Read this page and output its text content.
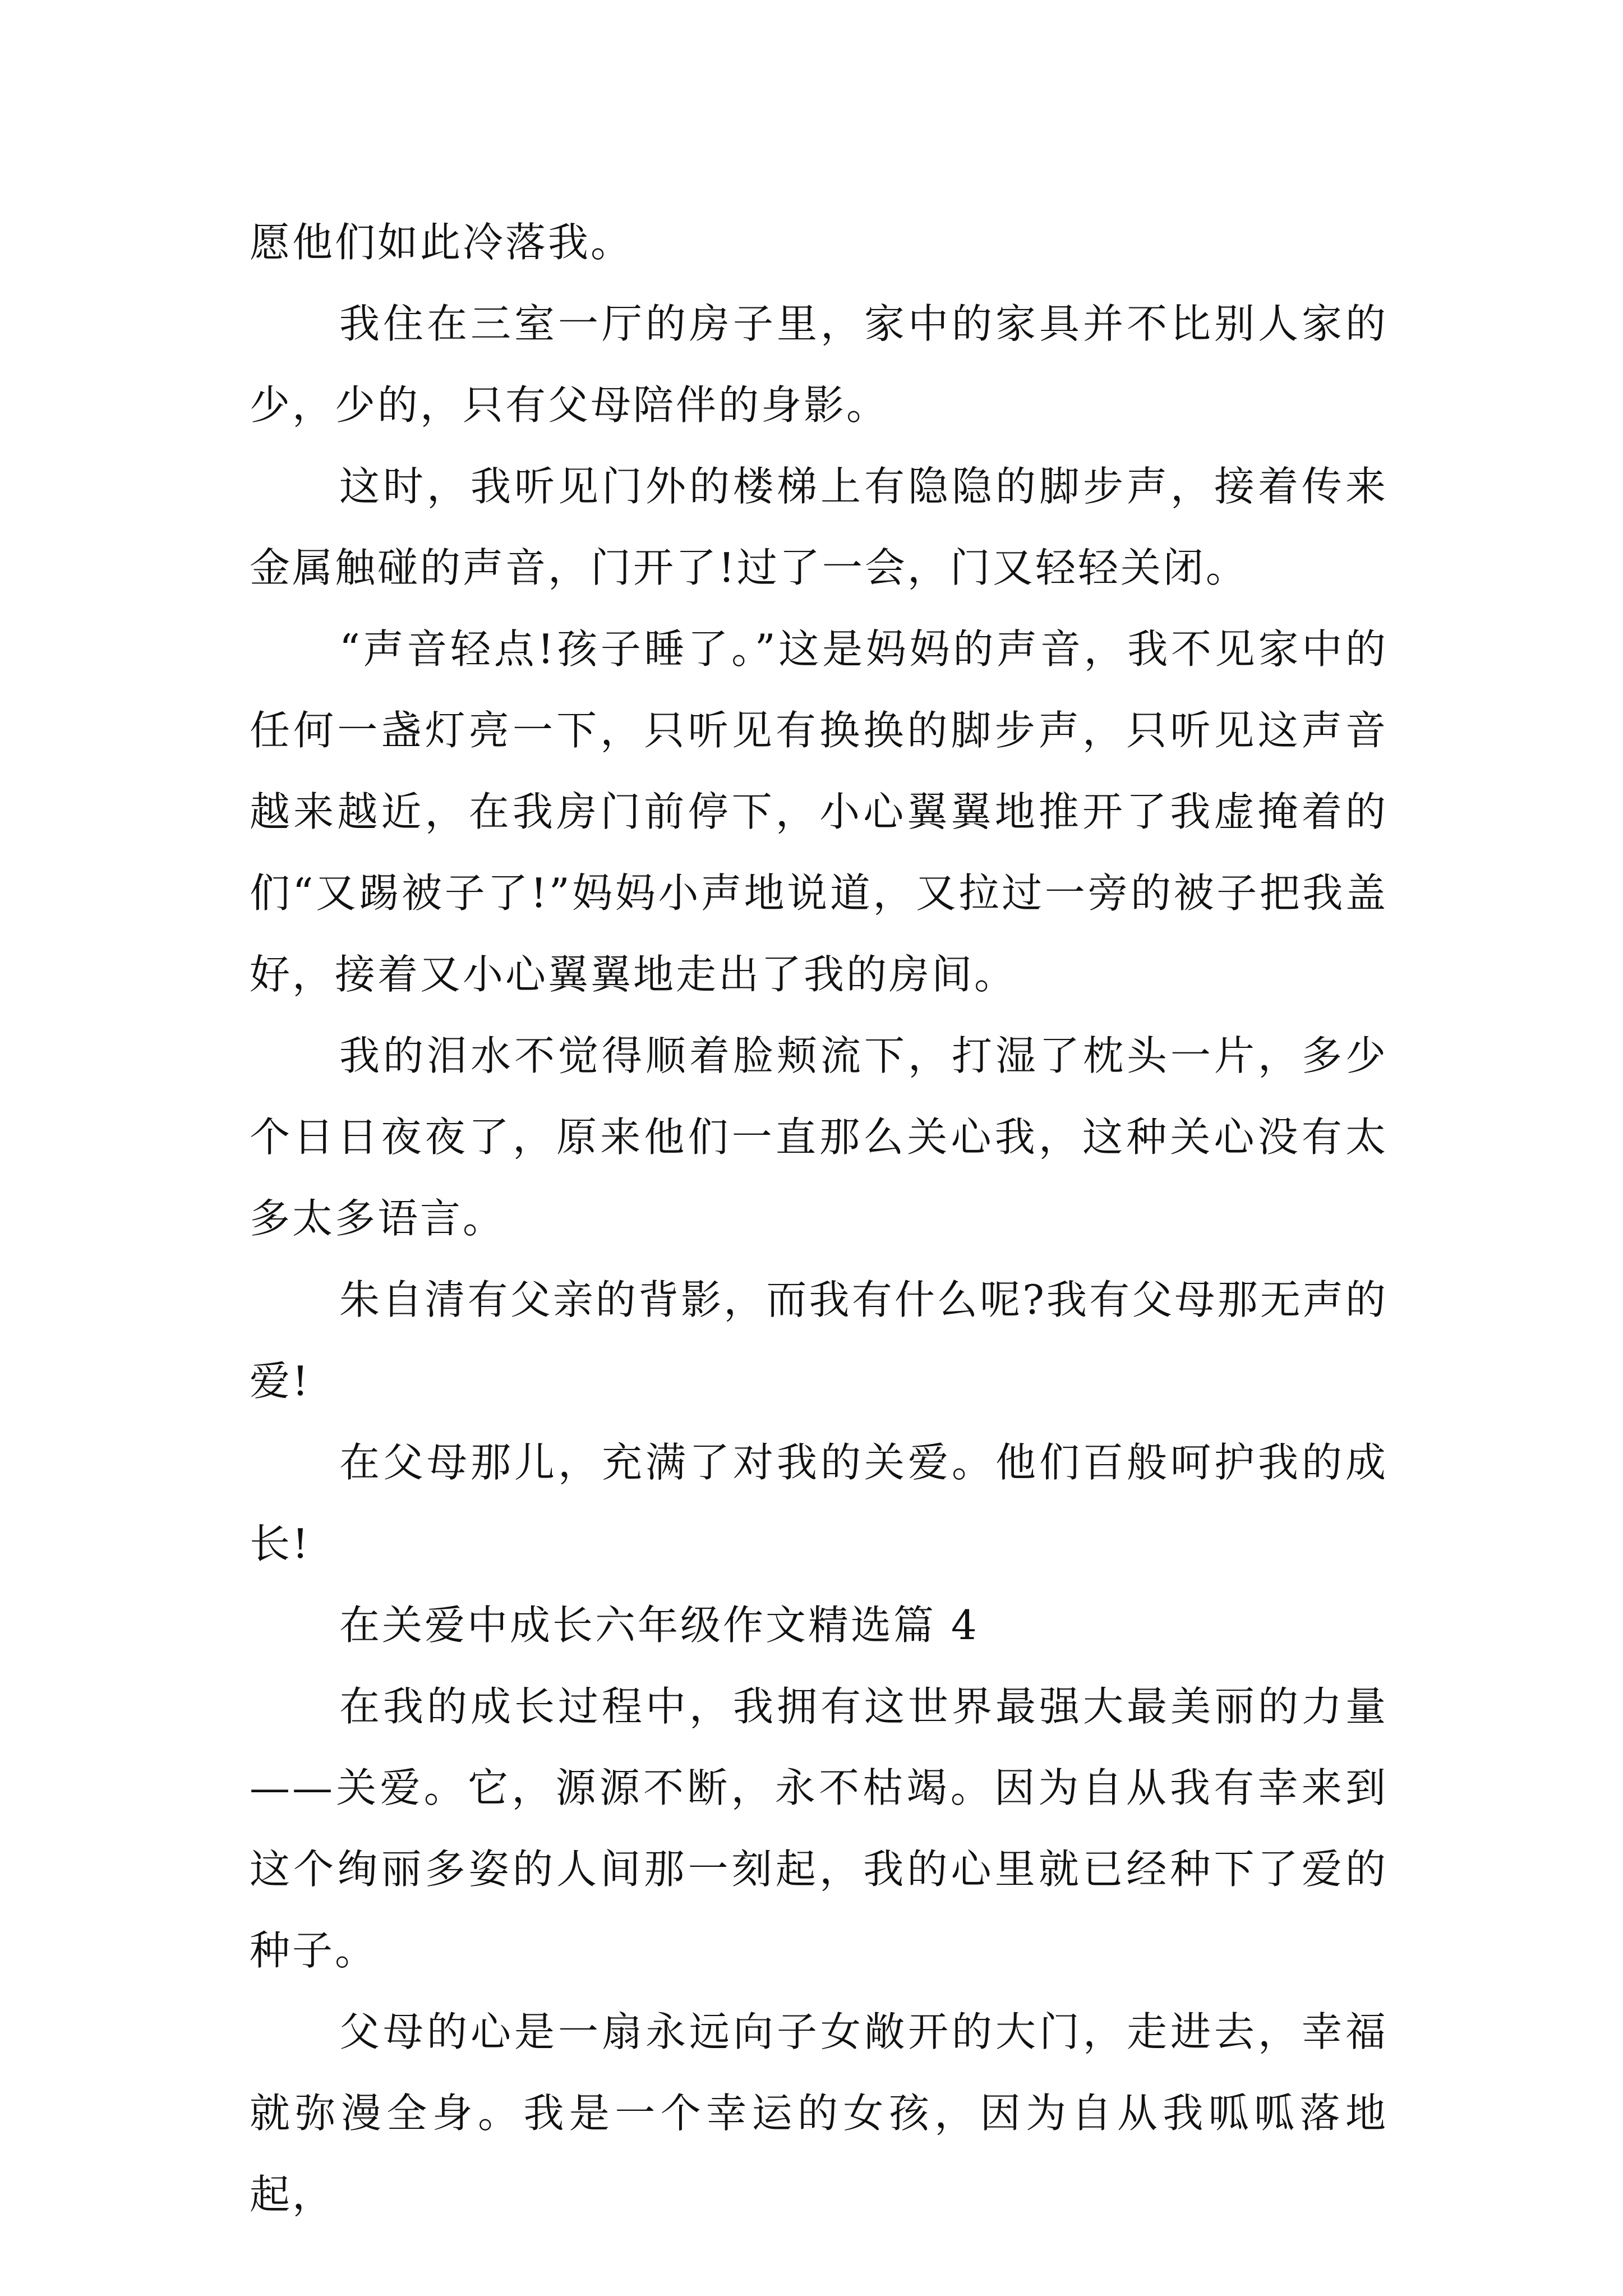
愿他们如此冷落我。

我住在三室一厅的房子里，家中的家具并不比别人家的少，少的，只有父母陪伴的身影。

这时，我听见门外的楼梯上有隐隐的脚步声，接着传来金属触碰的声音，门开了!过了一会，门又轻轻关闭。

“声音轻点!孩子睡了。”这是妈妈的声音，我不见家中的任何一盏灯亮一下，只听见有换换的脚步声，只听见这声音越来越近，在我房门前停下，小心翼翼地推开了我虚掩着的们“又踢被子了!”妈妈小声地说道，又拉过一旁的被子把我盖好，接着又小心翼翼地走出了我的房间。

我的泪水不觉得顺着脸颊流下，打湿了枕头一片，多少个日日夜夜了，原来他们一直那么关心我，这种关心没有太多太多语言。

朱自清有父亲的背影，而我有什么呢?我有父母那无声的爱!

在父母那儿，充满了对我的关爱。他们百般呵护我的成长!

在关爱中成长六年级作文精选篇 4

在我的成长过程中，我拥有这世界最强大最美丽的力量——关爱。它，源源不断，永不枯竭。因为自从我有幸来到这个绚丽多姿的人间那一刻起，我的心里就已经种下了爱的种子。

父母的心是一扇永远向子女敞开的大门，走进去，幸福就弥漫全身。我是一个幸运的女孩，因为自从我呱呱落地起，
